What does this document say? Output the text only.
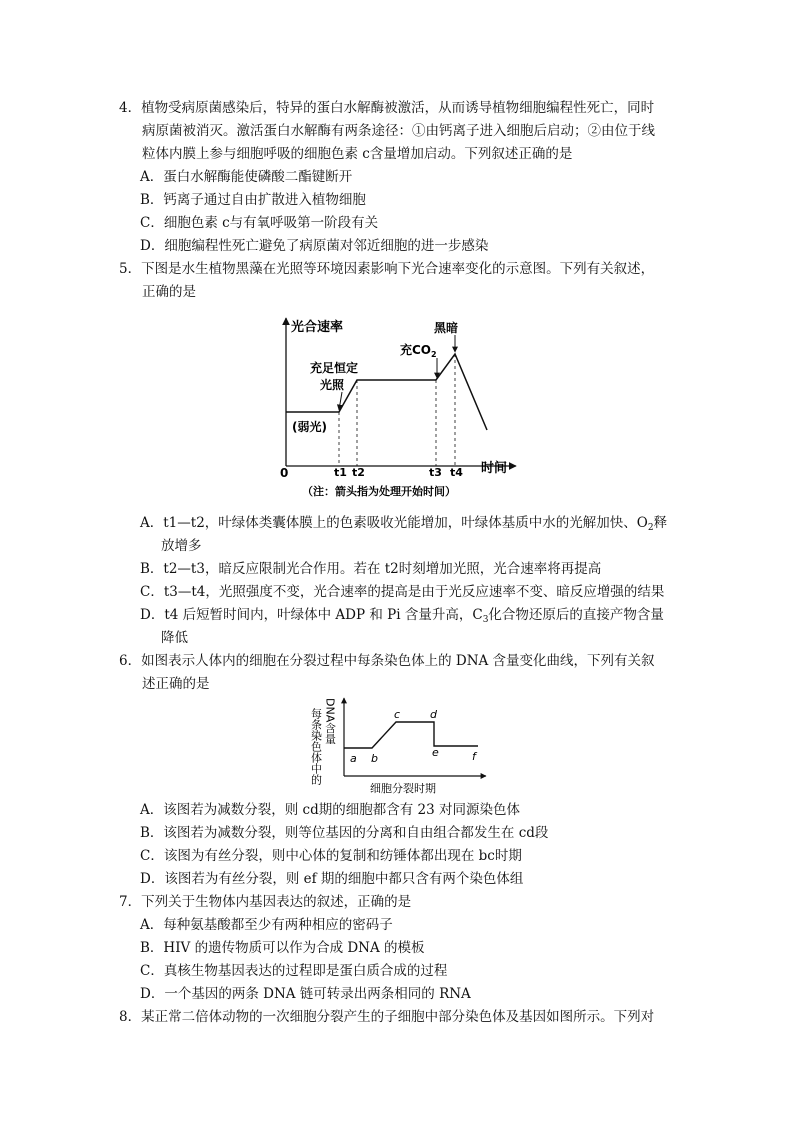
4．植物受病原菌感染后，特异的蛋白水解酶被激活，从而诱导植物细胞编程性死亡，同时
病原菌被消灭。激活蛋白水解酶有两条途径：①由钙离子进入细胞后启动；②由位于线
粒体内膜上参与细胞呼吸的细胞色素 c含量增加启动。下列叙述正确的是
A．蛋白水解酶能使磷酸二酯键断开
B．钙离子通过自由扩散进入植物细胞
C．细胞色素 c与有氧呼吸第一阶段有关
D．细胞编程性死亡避免了病原菌对邻近细胞的进一步感染
5．下图是水生植物黑藻在光照等环境因素影响下光合速率变化的示意图。下列有关叙述，
正确的是
光合速率
时间
0	t1 t2	t3 t4
(弱光)
充足恒定
光照
充$CO_2$
黑暗
（注：箭头指为处理开始时间）
A．t1—t2，叶绿体类囊体膜上的色素吸收光能增加，叶绿体基质中水的光解加快、$O_2$释
放增多
B．t2—t3，暗反应限制光合作用。若在 t2时刻增加光照，光合速率将再提高
C．t3—t4，光照强度不变，光合速率的提高是由于光反应速率不变、暗反应增强的结果
D．t4 后短暂时间内，叶绿体中 ADP 和 Pi 含量升高，$C_3$化合物还原后的直接产物含量
降低
6．如图表示人体内的细胞在分裂过程中每条染色体上的 DNA 含量变化曲线，下列有关叙
述正确的是
每条染色体中的 DNA含量
a b
c	d
e	f
细胞分裂时期
A．该图若为减数分裂，则 cd期的细胞都含有 23 对同源染色体
B．该图若为减数分裂，则等位基因的分离和自由组合都发生在 cd段
C．该图为有丝分裂，则中心体的复制和纺锤体都出现在 bc时期
D．该图若为有丝分裂，则 ef 期的细胞中都只含有两个染色体组
7．下列关于生物体内基因表达的叙述，正确的是
A．每种氨基酸都至少有两种相应的密码子
B．HIV 的遗传物质可以作为合成 DNA 的模板
C．真核生物基因表达的过程即是蛋白质合成的过程
D．一个基因的两条 DNA 链可转录出两条相同的 RNA
8．某正常二倍体动物的一次细胞分裂产生的子细胞中部分染色体及基因如图所示。下列对
